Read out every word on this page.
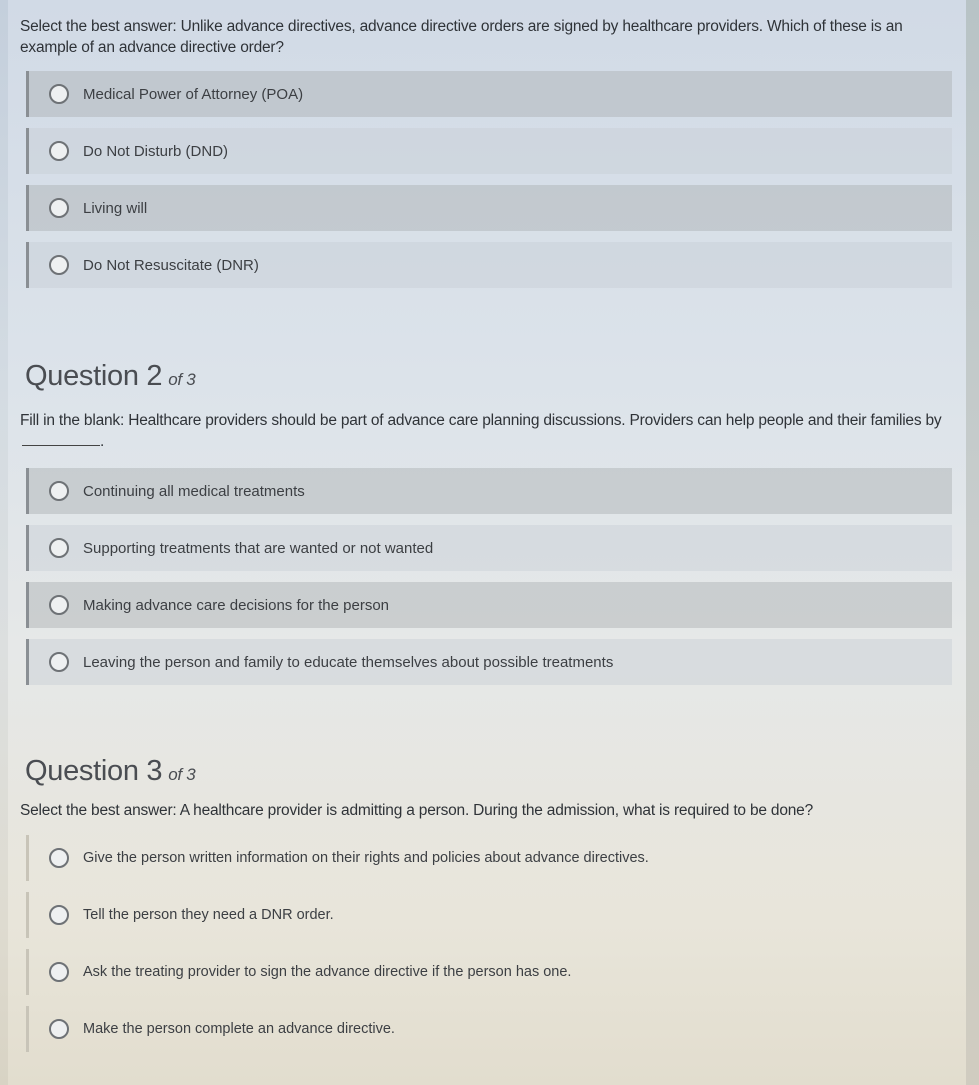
Select the best answer: Unlike advance directives, advance directive orders are signed by healthcare providers. Which of these is an example of an advance directive order?
Medical Power of Attorney (POA)
Do Not Disturb (DND)
Living will
Do Not Resuscitate (DNR)
Question 2 of 3
Fill in the blank: Healthcare providers should be part of advance care planning discussions. Providers can help people and their families by.
Continuing all medical treatments
Supporting treatments that are wanted or not wanted
Making advance care decisions for the person
Leaving the person and family to educate themselves about possible treatments
Question 3 of 3
Select the best answer: A healthcare provider is admitting a person. During the admission, what is required to be done?
Give the person written information on their rights and policies about advance directives.
Tell the person they need a DNR order.
Ask the treating provider to sign the advance directive if the person has one.
Make the person complete an advance directive.
